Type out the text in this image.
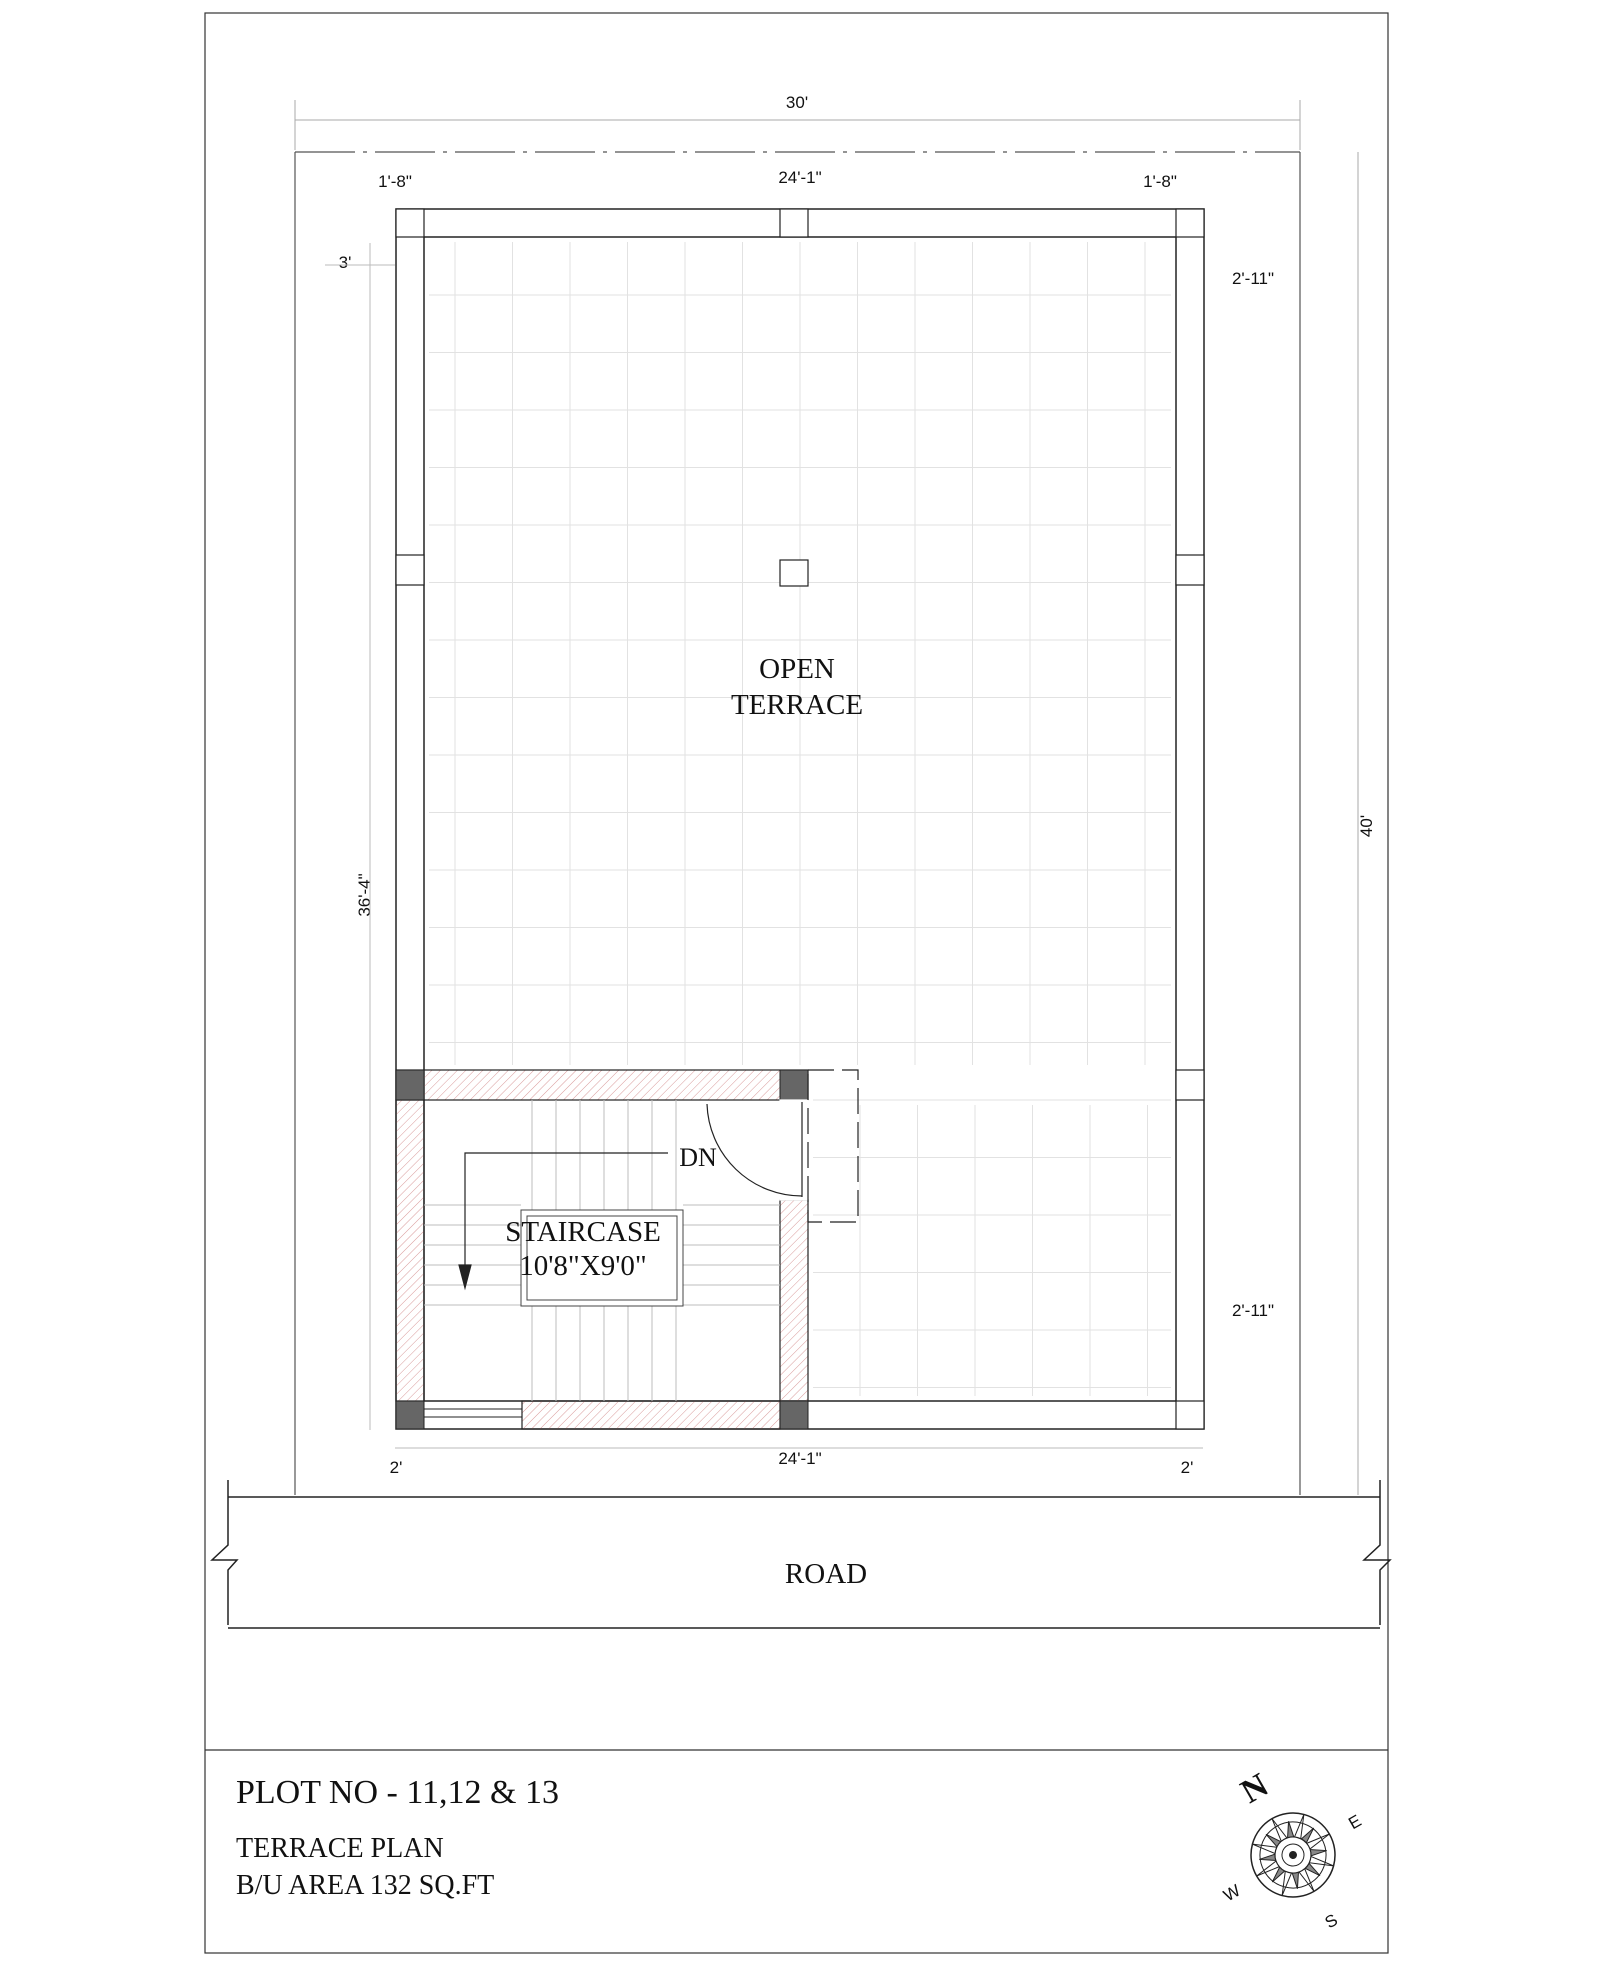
30'
40'
1'-8"	24'-1"	1'-8"
3'
2'-11"
2'-11"
36'-4"
2'	24'-1"	2'
DN
OPEN
TERRACE
STAIRCASE
10'8"X9'0"
ROAD
PLOT NO - 11,12 & 13
TERRACE PLAN
B/U AREA 132 SQ.FT
N
E
S
W
